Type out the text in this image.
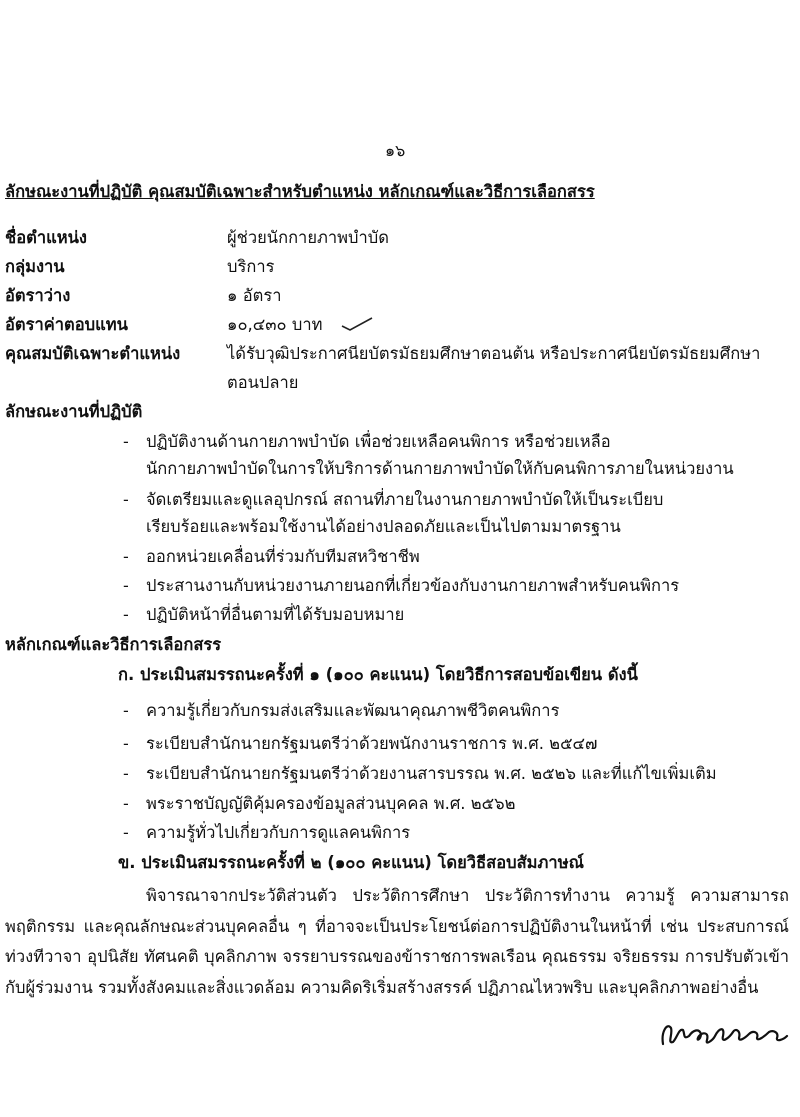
๑๖
ลักษณะงานที่ปฏิบัติ คุณสมบัติเฉพาะสำหรับตำแหน่ง หลักเกณฑ์และวิธีการเลือกสรร
ชื่อตำแหน่ง	ผู้ช่วยนักกายภาพบำบัด
กลุ่มงาน	บริการ
อัตราว่าง	๑ อัตรา
อัตราค่าตอบแทน	๑๐,๔๓๐ บาท
คุณสมบัติเฉพาะตำแหน่ง	ได้รับวุฒิประกาศนียบัตรมัธยมศึกษาตอนต้น หรือประกาศนียบัตรมัธยมศึกษา
ตอนปลาย
ลักษณะงานที่ปฏิบัติ
- ปฏิบัติงานด้านกายภาพบำบัด เพื่อช่วยเหลือคนพิการ หรือช่วยเหลือ
นักกายภาพบำบัดในการให้บริการด้านกายภาพบำบัดให้กับคนพิการภายในหน่วยงาน
- จัดเตรียมและดูแลอุปกรณ์ สถานที่ภายในงานกายภาพบำบัดให้เป็นระเบียบ
เรียบร้อยและพร้อมใช้งานได้อย่างปลอดภัยและเป็นไปตามมาตรฐาน
- ออกหน่วยเคลื่อนที่ร่วมกับทีมสหวิชาชีพ
- ประสานงานกับหน่วยงานภายนอกที่เกี่ยวข้องกับงานกายภาพสำหรับคนพิการ
- ปฏิบัติหน้าที่อื่นตามที่ได้รับมอบหมาย
หลักเกณฑ์และวิธีการเลือกสรร
ก. ประเมินสมรรถนะครั้งที่ ๑ (๑๐๐ คะแนน) โดยวิธีการสอบข้อเขียน ดังนี้
- ความรู้เกี่ยวกับกรมส่งเสริมและพัฒนาคุณภาพชีวิตคนพิการ
- ระเบียบสำนักนายกรัฐมนตรีว่าด้วยพนักงานราชการ พ.ศ. ๒๕๔๗
- ระเบียบสำนักนายกรัฐมนตรีว่าด้วยงานสารบรรณ พ.ศ. ๒๕๒๖ และที่แก้ไขเพิ่มเติม
- พระราชบัญญัติคุ้มครองข้อมูลส่วนบุคคล พ.ศ. ๒๕๖๒
- ความรู้ทั่วไปเกี่ยวกับการดูแลคนพิการ
ข. ประเมินสมรรถนะครั้งที่ ๒ (๑๐๐ คะแนน) โดยวิธีสอบสัมภาษณ์
พิจารณาจากประวัติส่วนตัว ประวัติการศึกษา ประวัติการทำงาน ความรู้ ความสามารถ
พฤติกรรม และคุณลักษณะส่วนบุคคลอื่น ๆ ที่อาจจะเป็นประโยชน์ต่อการปฏิบัติงานในหน้าที่ เช่น ประสบการณ์
ท่วงทีวาจา อุปนิสัย ทัศนคติ บุคลิกภาพ จรรยาบรรณของข้าราชการพลเรือน คุณธรรม จริยธรรม การปรับตัวเข้า
กับผู้ร่วมงาน รวมทั้งสังคมและสิ่งแวดล้อม ความคิดริเริ่มสร้างสรรค์ ปฏิภาณไหวพริบ และบุคลิกภาพอย่างอื่น
